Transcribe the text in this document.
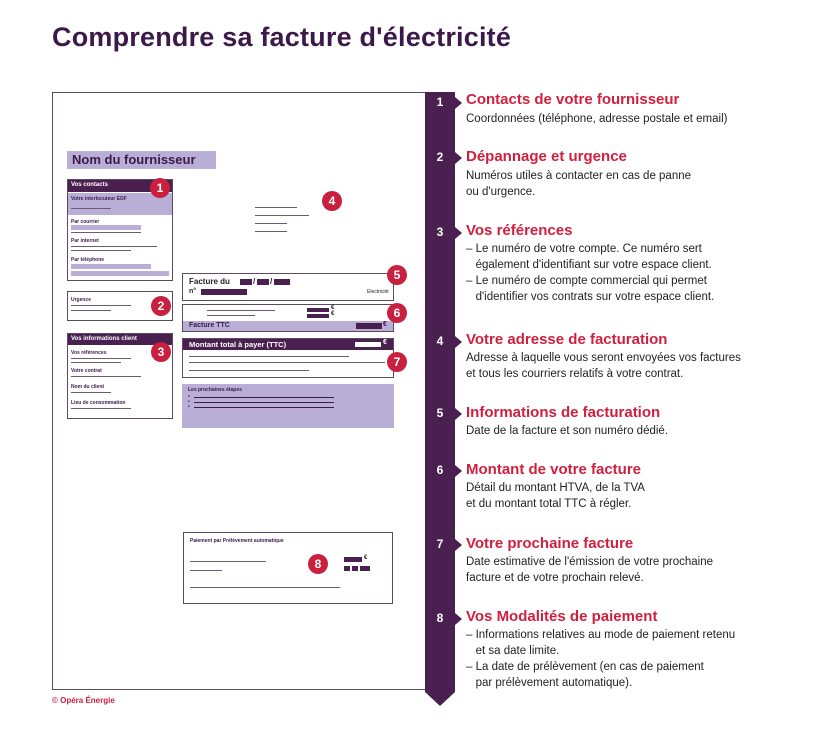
Comprendre sa facture d'électricité
Nom du fournisseur
Vos contacts
Votre interlocuteur EDF
Par courrier
Par internet
Par téléphone
Urgence
Vos informations client
Vos références
Votre contrat
Nom du client
Lieu de consommation
Facture du	/ /
n°	Electricité
€
€
Facture TTC	€
Montant total à payer (TTC)	€
Les prochaines étapes
•
•
•
Paiement par Prélèvement automatique
€
1
2
3
4
5
6
7
8
1	Contacts de votre fournisseur
Coordonnées (téléphone, adresse postale et email)
2	Dépannage et urgence
Numéros utiles à contacter en cas de panne
ou d'urgence.
3	Vos références
– Le numéro de votre compte. Ce numéro sert
également d'identifiant sur votre espace client.
– Le numéro de compte commercial qui permet
d'identifier vos contrats sur votre espace client.
4	Votre adresse de facturation
Adresse à laquelle vous seront envoyées vos factures
et tous les courriers relatifs à votre contrat.
5	Informations de facturation
Date de la facture et son numéro dédié.
6	Montant de votre facture
Détail du montant HTVA, de la TVA
et du montant total TTC à régler.
7	Votre prochaine facture
Date estimative de l'émission de votre prochaine
facture et de votre prochain relevé.
8	Vos Modalités de paiement
– Informations relatives au mode de paiement retenu
et sa date limite.
– La date de prélèvement (en cas de paiement
par prélèvement automatique).
© Opéra Énergie
